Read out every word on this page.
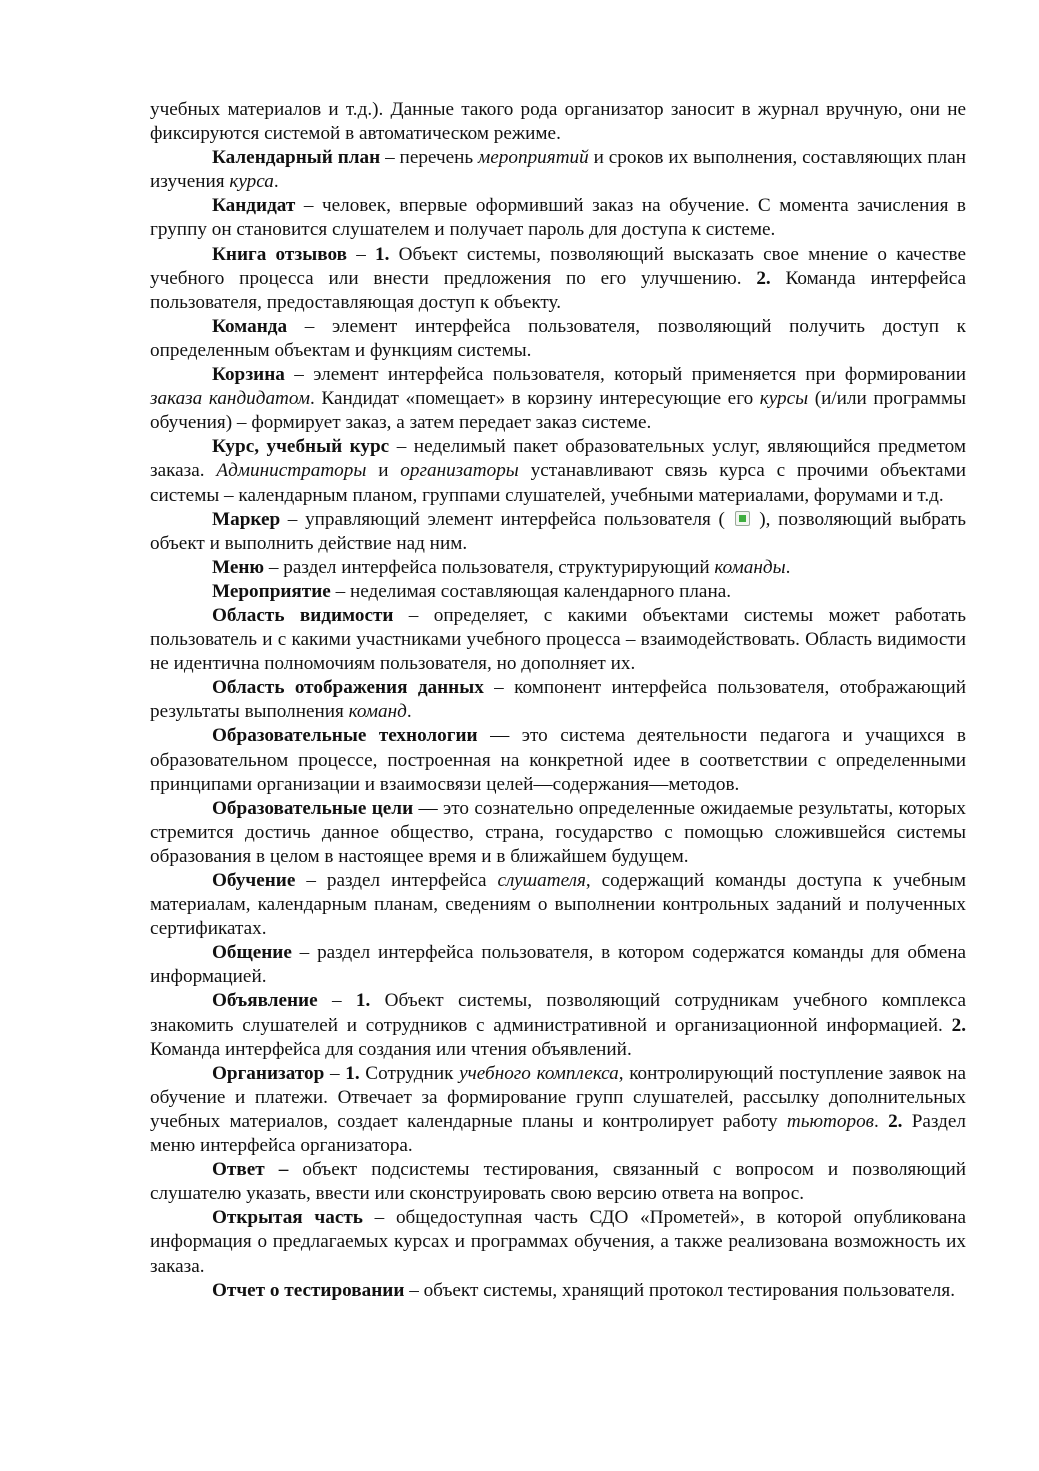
учебных материалов и т.д.). Данные такого рода организатор заносит в журнал вручную, они не фиксируются системой в автоматическом режиме.

Календарный план – перечень мероприятий и сроков их выполнения, составляющих план изучения курса.

Кандидат – человек, впервые оформивший заказ на обучение. С момента зачисления в группу он становится слушателем и получает пароль для доступа к системе.

Книга отзывов – 1. Объект системы, позволяющий высказать свое мнение о качестве учебного процесса или внести предложения по его улучшению. 2. Команда интерфейса пользователя, предоставляющая доступ к объекту.

Команда – элемент интерфейса пользователя, позволяющий получить доступ к определенным объектам и функциям системы.

Корзина – элемент интерфейса пользователя, который применяется при формировании заказа кандидатом. Кандидат «помещает» в корзину интересующие его курсы (и/или программы обучения) – формирует заказ, а затем передает заказ системе.

Курс, учебный курс – неделимый пакет образовательных услуг, являющийся предметом заказа. Администраторы и организаторы устанавливают связь курса с прочими объектами системы – календарным планом, группами слушателей, учебными материалами, форумами и т.д.

Маркер – управляющий элемент интерфейса пользователя (  ), позволяющий выбрать объект и выполнить действие над ним.

Меню – раздел интерфейса пользователя, структурирующий команды.

Мероприятие – неделимая составляющая календарного плана.

Область видимости – определяет, с какими объектами системы может работать пользователь и с какими участниками учебного процесса – взаимодействовать. Область видимости не идентична полномочиям пользователя, но дополняет их.

Область отображения данных – компонент интерфейса пользователя, отображающий результаты выполнения команд.

Образовательные технологии — это система деятельности педагога и учащихся в образовательном процессе, построенная на конкретной идее в соответствии с определенными принципами организации и взаимосвязи целей—содержания—методов.

Образовательные цели — это сознательно определенные ожидаемые результаты, которых стремится достичь данное общество, страна, государство с помощью сложившейся системы образования в целом в настоящее время и в ближайшем будущем.

Обучение – раздел интерфейса слушателя, содержащий команды доступа к учебным материалам, календарным планам, сведениям о выполнении контрольных заданий и полученных сертификатах.

Общение – раздел интерфейса пользователя, в котором содержатся команды для обмена информацией.

Объявление – 1. Объект системы, позволяющий сотрудникам учебного комплекса знакомить слушателей и сотрудников с административной и организационной информацией. 2. Команда интерфейса для создания или чтения объявлений.

Организатор – 1. Сотрудник учебного комплекса, контролирующий поступление заявок на обучение и платежи. Отвечает за формирование групп слушателей, рассылку дополнительных учебных материалов, создает календарные планы и контролирует работу тьюторов. 2. Раздел меню интерфейса организатора.

Ответ – объект подсистемы тестирования, связанный с вопросом и позволяющий слушателю указать, ввести или сконструировать свою версию ответа на вопрос.

Открытая часть – общедоступная часть СДО «Прометей», в которой опубликована информация о предлагаемых курсах и программах обучения, а также реализована возможность их заказа.

Отчет о тестировании – объект системы, хранящий протокол тестирования пользователя.
